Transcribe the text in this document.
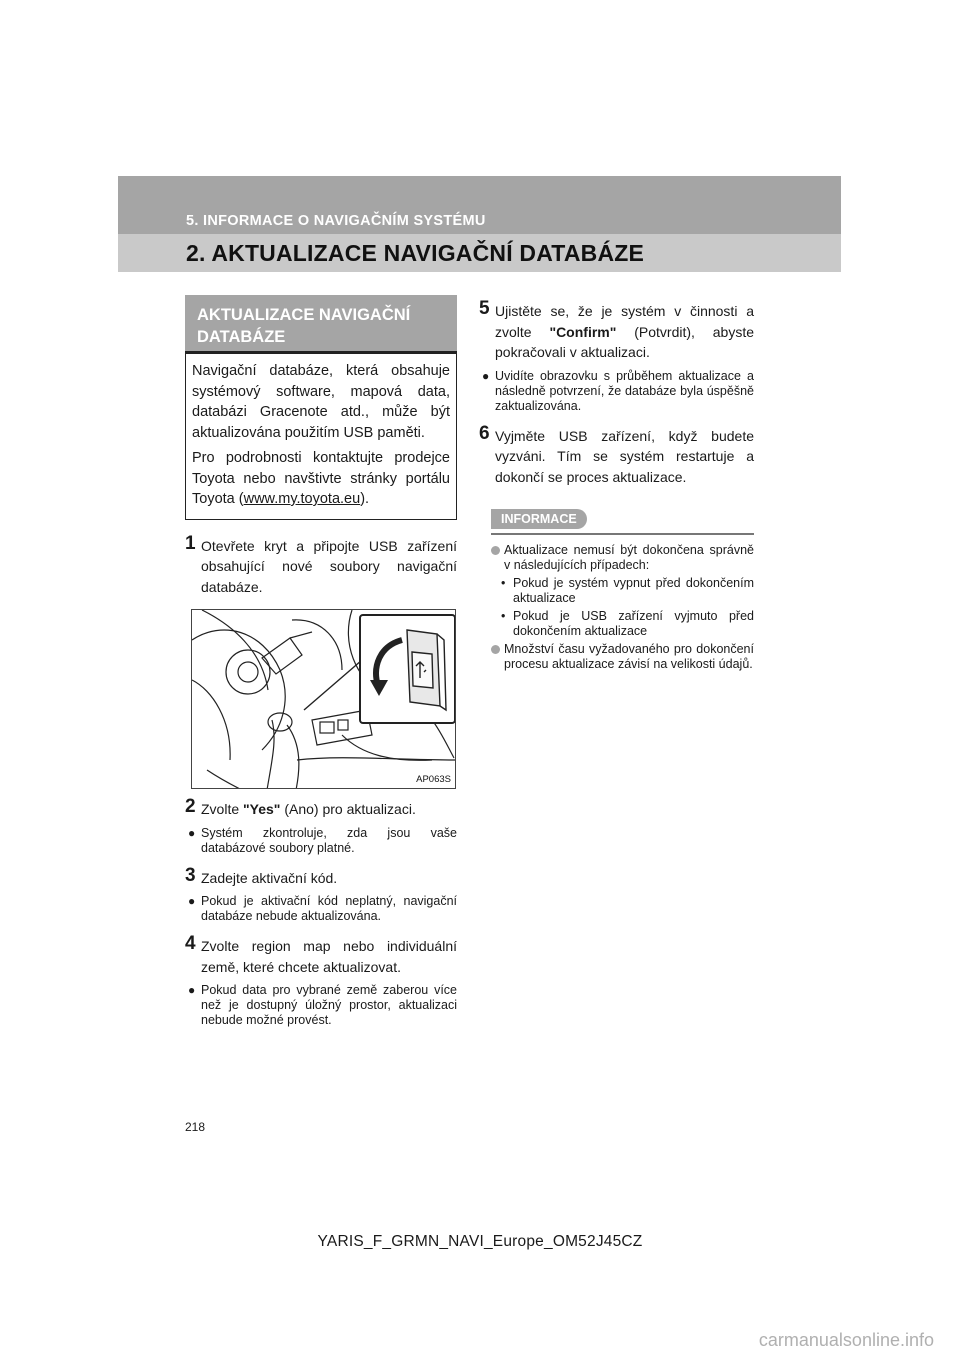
5. INFORMACE O NAVIGAČNÍM SYSTÉMU
2. AKTUALIZACE NAVIGAČNÍ DATABÁZE
AKTUALIZACE NAVIGAČNÍ DATABÁZE

Navigační databáze, která obsahuje systémový software, mapová data, databázi Gracenote atd., může být aktualizována použitím USB paměti.

Pro podrobnosti kontaktujte prodejce Toyota nebo navštivte stránky portálu Toyota (www.my.toyota.eu).

1 Otevřete kryt a připojte USB zařízení obsahující nové soubory navigační databáze.
AP063S
2 Zvolte "Yes" (Ano) pro aktualizaci.
● Systém zkontroluje, zda jsou vaše databázové soubory platné.
3 Zadejte aktivační kód.
● Pokud je aktivační kód neplatný, navigační databáze nebude aktualizována.
4 Zvolte region map nebo individuální země, které chcete aktualizovat.
● Pokud data pro vybrané země zaberou více než je dostupný úložný prostor, aktualizaci nebude možné provést.
5 Ujistěte se, že je systém v činnosti a zvolte "Confirm" (Potvrdit), abyste pokračovali v aktualizaci.
● Uvidíte obrazovku s průběhem aktualizace a následně potvrzení, že databáze byla úspěšně zaktualizována.
6 Vyjměte USB zařízení, když budete vyzváni. Tím se systém restartuje a dokončí se proces aktualizace.
INFORMACE
Aktualizace nemusí být dokončena správně v následujících případech:
• Pokud je systém vypnut před dokončením aktualizace
• Pokud je USB zařízení vyjmuto před dokončením aktualizace
Množství času vyžadovaného pro dokončení procesu aktualizace závisí na velikosti údajů.
218
YARIS_F_GRMN_NAVI_Europe_OM52J45CZ
carmanualsonline.info
